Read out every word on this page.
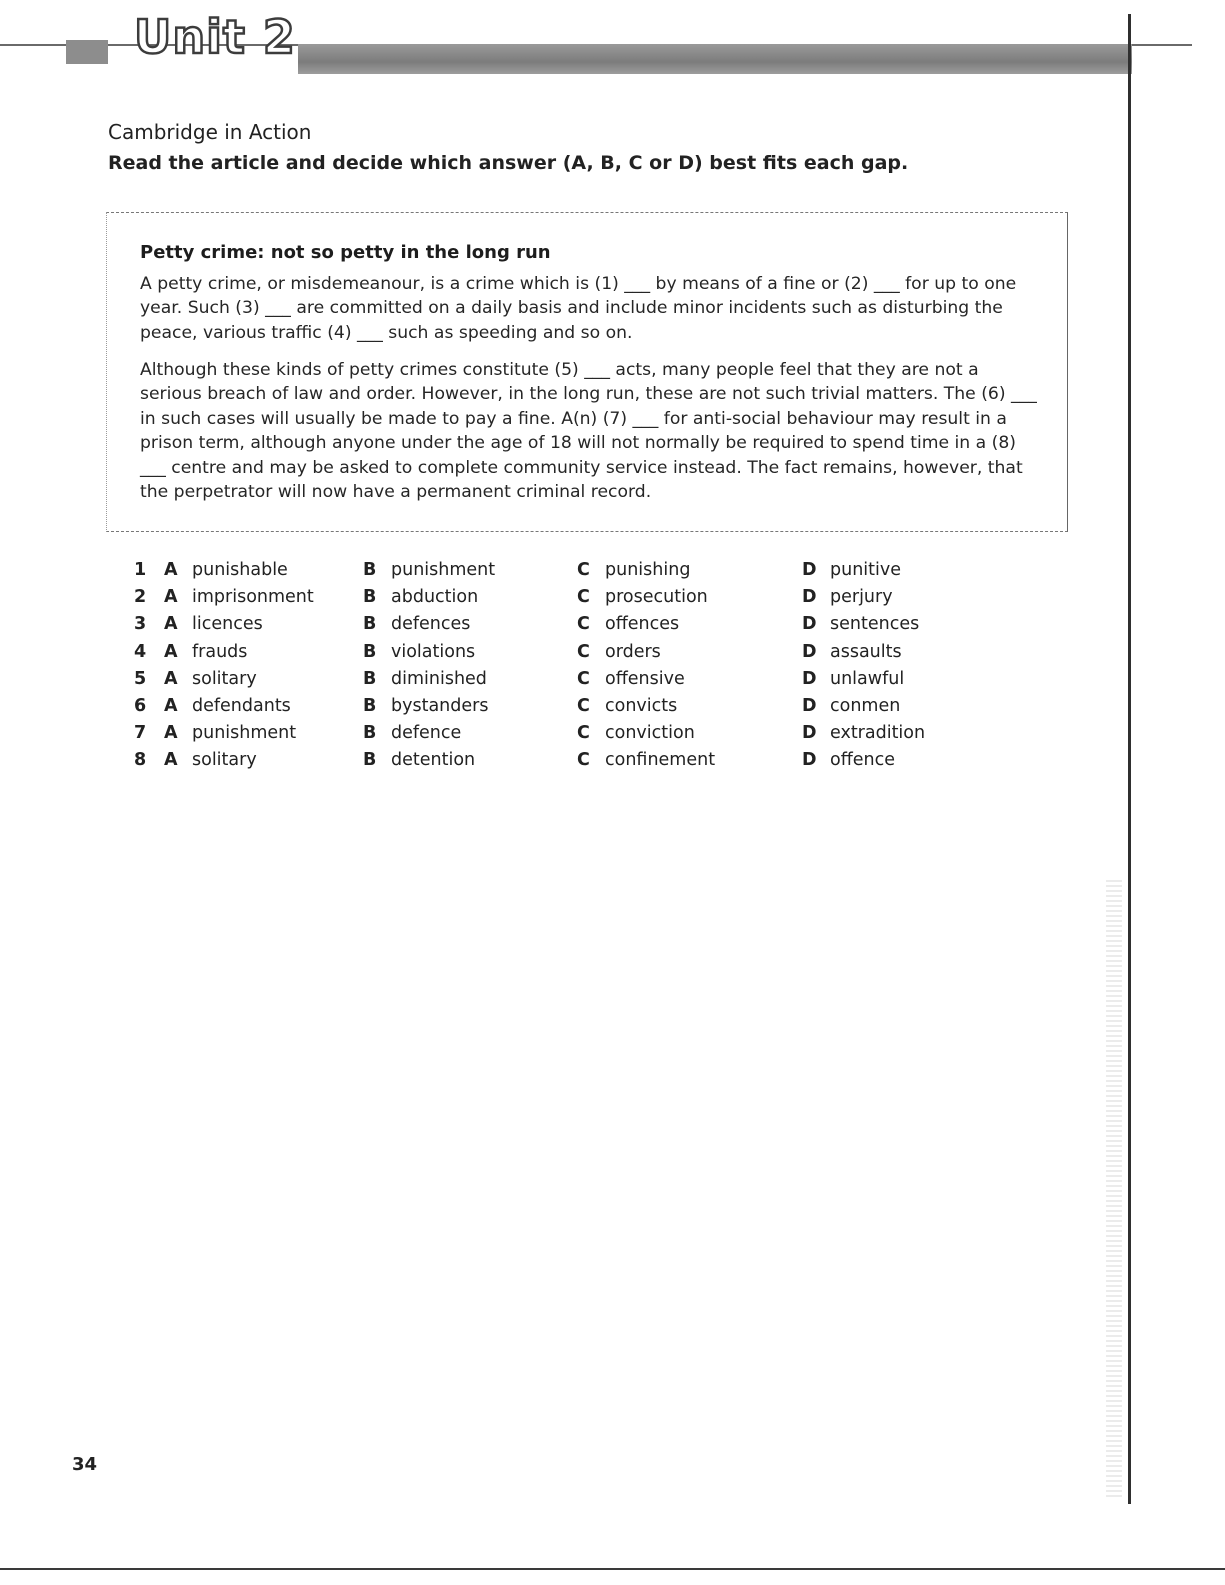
Unit 2
Cambridge in Action

Read the article and decide which answer (A, B, C or D) best fits each gap.

Petty crime: not so petty in the long run

A petty crime, or misdemeanour, is a crime which is (1) ___ by means of a fine or (2) ___ for up to one year. Such (3) ___ are committed on a daily basis and include minor incidents such as disturbing the peace, various traffic (4) ___ such as speeding and so on.

Although these kinds of petty crimes constitute (5) ___ acts, many people feel that they are not a serious breach of law and order. However, in the long run, these are not such trivial matters. The (6) ___ in such cases will usually be made to pay a fine. A(n) (7) ___ for anti-social behaviour may result in a prison term, although anyone under the age of 18 will not normally be required to spend time in a (8) ___ centre and may be asked to complete community service instead. The fact remains, however, that the perpetrator will now have a permanent criminal record.

1	A punishable	B punishment	C punishing	D punitive
2	A imprisonment	B abduction	C prosecution	D perjury
3	A licences	B defences	C offences	D sentences
4	A frauds	B violations	C orders	D assaults
5	A solitary	B diminished	C offensive	D unlawful
6	A defendants	B bystanders	C convicts	D conmen
7	A punishment	B defence	C conviction	D extradition
8	A solitary	B detention	C confinement	D offence

34
